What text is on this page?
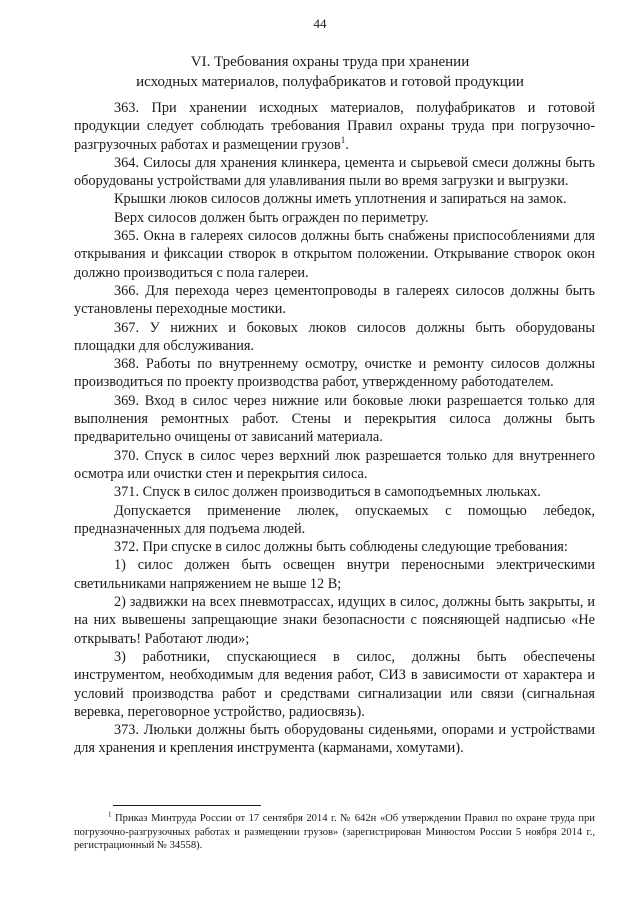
44
VI. Требования охраны труда при хранении
исходных материалов, полуфабрикатов и готовой продукции

363. При хранении исходных материалов, полуфабрикатов и готовой продукции следует соблюдать требования Правил охраны труда при погрузочно-разгрузочных работах и размещении грузов$^1$.

364. Силосы для хранения клинкера, цемента и сырьевой смеси должны быть оборудованы устройствами для улавливания пыли во время загрузки и выгрузки.

Крышки люков силосов должны иметь уплотнения и запираться на замок.

Верх силосов должен быть огражден по периметру.

365. Окна в галереях силосов должны быть снабжены приспособлениями для открывания и фиксации створок в открытом положении. Открывание створок окон должно производиться с пола галереи.

366. Для перехода через цементопроводы в галереях силосов должны быть установлены переходные мостики.

367. У нижних и боковых люков силосов должны быть оборудованы площадки для обслуживания.

368. Работы по внутреннему осмотру, очистке и ремонту силосов должны производиться по проекту производства работ, утвержденному работодателем.

369. Вход в силос через нижние или боковые люки разрешается только для выполнения ремонтных работ. Стены и перекрытия силоса должны быть предварительно очищены от зависаний материала.

370. Спуск в силос через верхний люк разрешается только для внутреннего осмотра или очистки стен и перекрытия силоса.

371. Спуск в силос должен производиться в самоподъемных люльках.

Допускается применение люлек, опускаемых с помощью лебедок, предназначенных для подъема людей.

372. При спуске в силос должны быть соблюдены следующие требования:

1) силос должен быть освещен внутри переносными электрическими светильниками напряжением не выше 12 В;

2) задвижки на всех пневмотрассах, идущих в силос, должны быть закрыты, и на них вывешены запрещающие знаки безопасности с поясняющей надписью «Не открывать! Работают люди»;

3) работники, спускающиеся в силос, должны быть обеспечены инструментом, необходимым для ведения работ, СИЗ в зависимости от характера и условий производства работ и средствами сигнализации или связи (сигнальная веревка, переговорное устройство, радиосвязь).

373. Люльки должны быть оборудованы сиденьями, опорами и устройствами для хранения и крепления инструмента (карманами, хомутами).

$^1$ Приказ Минтруда России от 17 сентября 2014 г. № 642н «Об утверждении Правил по охране труда при погрузочно-разгрузочных работах и размещении грузов» (зарегистрирован Минюстом России 5 ноября 2014 г., регистрационный № 34558).
